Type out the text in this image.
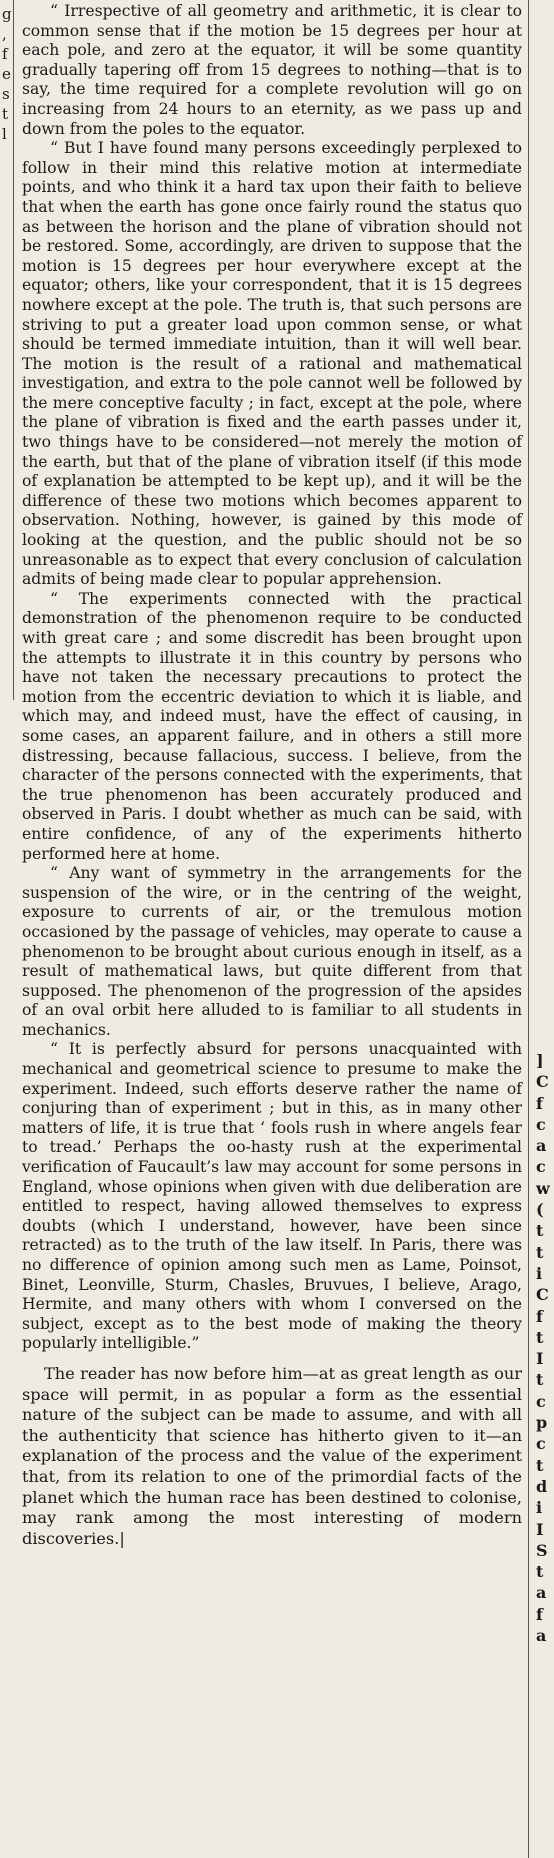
g
,
f
e
s
t
l

“ Irrespective of all geometry and arithmetic, it is clear to common sense that if the motion be 15 degrees per hour at each pole, and zero at the equator, it will be some quantity gradually tapering off from 15 degrees to nothing—that is to say, the time required for a complete revolution will go on increasing from 24 hours to an eternity, as we pass up and down from the poles to the equator.

“ But I have found many persons exceedingly perplexed to follow in their mind this relative motion at intermediate points, and who think it a hard tax upon their faith to believe that when the earth has gone once fairly round the status quo as between the horison and the plane of vibration should not be restored. Some, accordingly, are driven to suppose that the motion is 15 degrees per hour everywhere except at the equator; others, like your correspondent, that it is 15 degrees nowhere except at the pole. The truth is, that such persons are striving to put a greater load upon common sense, or what should be termed immediate intuition, than it will well bear. The motion is the result of a rational and mathematical investigation, and extra to the pole cannot well be followed by the mere conceptive faculty ; in fact, except at the pole, where the plane of vibration is fixed and the earth passes under it, two things have to be considered—not merely the motion of the earth, but that of the plane of vibration itself (if this mode of explanation be attempted to be kept up), and it will be the difference of these two motions which becomes apparent to observation. Nothing, however, is gained by this mode of looking at the question, and the public should not be so unreasonable as to expect that every conclusion of calculation admits of being made clear to popular apprehension.

“ The experiments connected with the practical demonstration of the phenomenon require to be conducted with great care ; and some discredit has been brought upon the attempts to illustrate it in this country by persons who have not taken the necessary precautions to protect the motion from the eccentric deviation to which it is liable, and which may, and indeed must, have the effect of causing, in some cases, an apparent failure, and in others a still more distressing, because fallacious, success. I believe, from the character of the persons connected with the experiments, that the true phenomenon has been accurately produced and observed in Paris. I doubt whether as much can be said, with entire confidence, of any of the experiments hitherto performed here at home.

“ Any want of symmetry in the arrangements for the suspension of the wire, or in the centring of the weight, exposure to currents of air, or the tremulous motion occasioned by the passage of vehicles, may operate to cause a phenomenon to be brought about curious enough in itself, as a result of mathematical laws, but quite different from that supposed. The phenomenon of the progression of the apsides of an oval orbit here alluded to is familiar to all students in mechanics.

“ It is perfectly absurd for persons unacquainted with mechanical and geometrical science to presume to make the experiment. Indeed, such efforts deserve rather the name of conjuring than of experiment ; but in this, as in many other matters of life, it is true that ‘ fools rush in where angels fear to tread.’ Perhaps the oo-hasty rush at the experimental verification of Faucault’s law may account for some persons in England, whose opinions when given with due deliberation are entitled to respect, having allowed themselves to express doubts (which I understand, however, have been since retracted) as to the truth of the law itself. In Paris, there was no difference of opinion among such men as Lame, Poinsot, Binet, Leonville, Sturm, Chasles, Bruvues, I believe, Arago, Hermite, and many others with whom I conversed on the subject, except as to the best mode of making the theory popularly intelligible.”

The reader has now before him—at as great length as our space will permit, in as popular a form as the essential nature of the subject can be made to assume, and with all the authenticity that science has hitherto given to it—an explanation of the process and the value of the experiment that, from its relation to one of the primordial facts of the planet which the human race has been destined to colonise, may rank among the most interesting of modern discoveries.|

]
C
f
c
a
c
w
(
t
t
i
C
f
t
I
t
c
p
c
t
d
i
I
S
t
a
f
a
